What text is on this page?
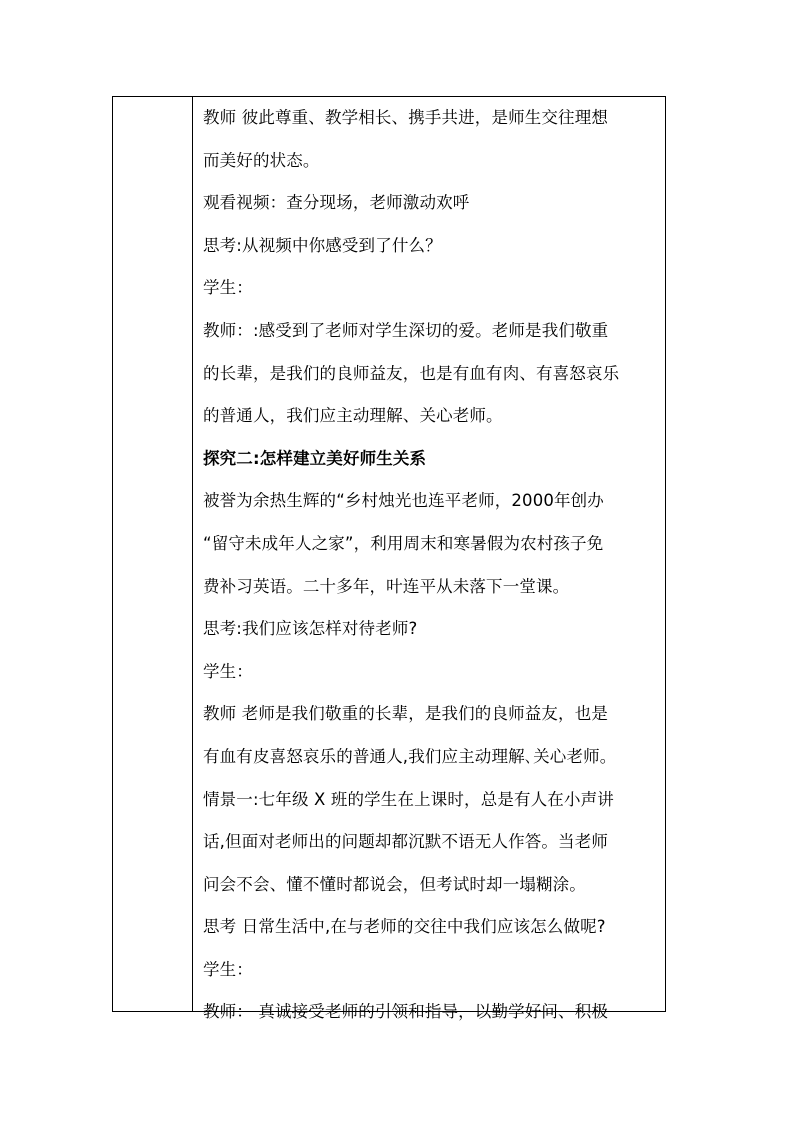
教师 彼此尊重、教学相长、携手共进，是师生交往理想
而美好的状态。
观看视频：查分现场，老师激动欢呼
思考:从视频中你感受到了什么？
学生：
教师：:感受到了老师对学生深切的爱。老师是我们敬重
的长辈，是我们的良师益友，也是有血有肉、有喜怒哀乐
的普通人，我们应主动理解、关心老师。
探究二:怎样建立美好师生关系
被誉为余热生辉的“乡村烛光也连平老师，2000年创办
“留守未成年人之家”，利用周末和寒暑假为农村孩子免
费补习英语。二十多年，叶连平从未落下一堂课。
思考:我们应该怎样对待老师?
学生：
教师 老师是我们敬重的长辈，是我们的良师益友，也是
有血有皮喜怒哀乐的普通人,我们应主动理解､关心老师。
情景一:七年级 X 班的学生在上课时，总是有人在小声讲
话,但面对老师出的问题却都沉默不语无人作答。当老师
问会不会、懂不懂时都说会，但考试时却一塌糊涂。
思考 日常生活中,在与老师的交往中我们应该怎么做呢?
学生：
教师： 真诚接受老师的引领和指导，以勤学好问、积极
